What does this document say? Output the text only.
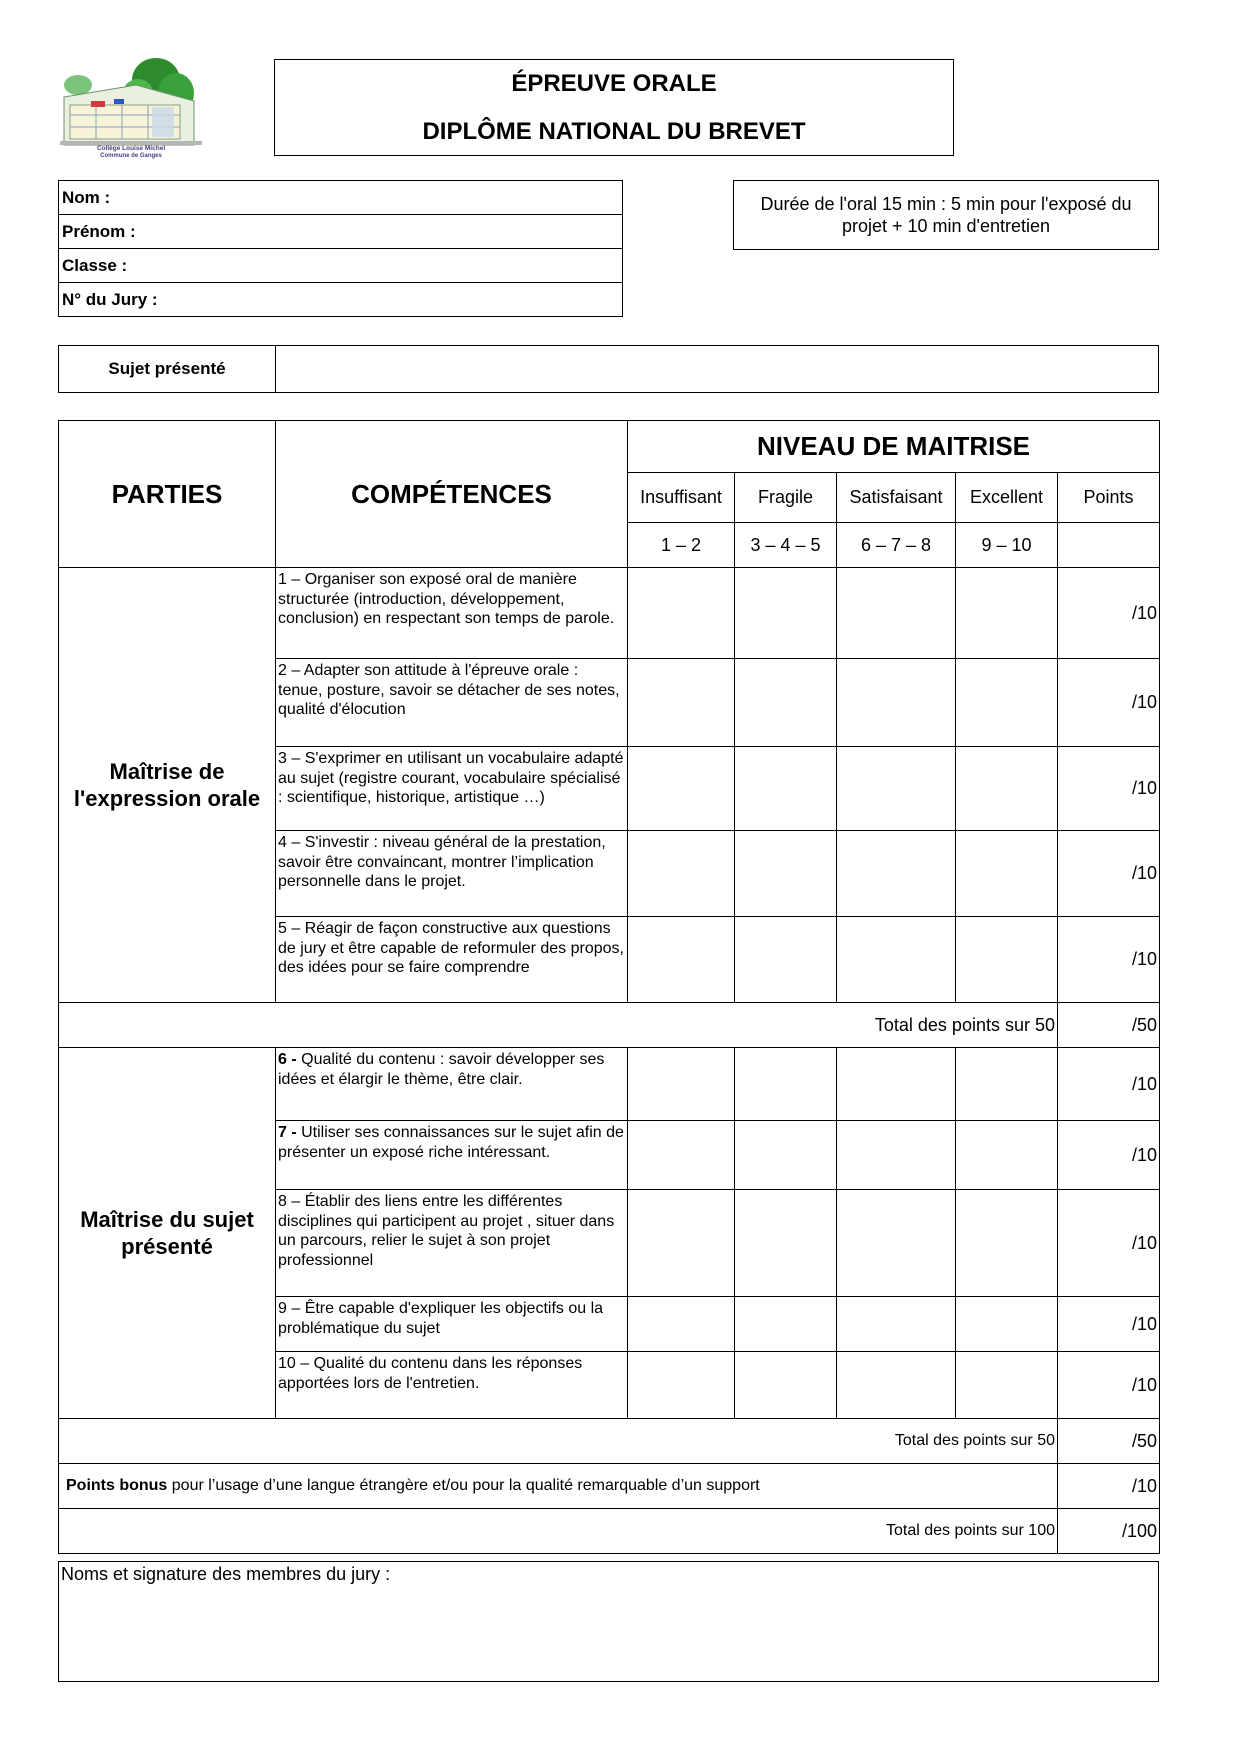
Collège Louise Michel
Commune de Ganges
ÉPREUVE ORALE
DIPLÔME NATIONAL DU BREVET
Nom :
Prénom :
Classe :
N° du Jury :
Durée de l'oral 15 min : 5 min pour l'exposé du projet + 10 min d'entretien
Sujet présenté	
PARTIES	COMPÉTENCES	NIVEAU DE MAITRISE				
		Insuffisant	Fragile	Satisfaisant	Excellent	Points
		1 – 2	3 – 4 – 5	6 – 7 – 8	9 – 10	
Maîtrise de l'expression orale	1 – Organiser son exposé oral de manière structurée (introduction, développement, conclusion) en respectant son temps de parole.					/10
	2 – Adapter son attitude à l'épreuve orale : tenue, posture, savoir se détacher de ses notes, qualité d'élocution					/10
	3 – S'exprimer en utilisant un vocabulaire adapté au sujet (registre courant, vocabulaire spécialisé : scientifique, historique, artistique …)					/10
	4 – S'investir : niveau général de la prestation, savoir être convaincant, montrer l’implication personnelle dans le projet.					/10
	5 – Réagir de façon constructive aux questions de jury et être capable de reformuler des propos, des idées pour se faire comprendre					/10
Total des points sur 50						/50
Maîtrise du sujet présenté	6 - Qualité du contenu : savoir développer ses idées et élargir le thème, être clair.					/10
	7 - Utiliser ses connaissances sur le sujet afin de présenter un exposé riche intéressant.					/10
	8 – Établir des liens entre les différentes disciplines qui participent au projet , situer dans un parcours, relier le sujet à son projet professionnel					/10
	9 – Être capable d'expliquer les objectifs ou la problématique du sujet					/10
	10 – Qualité du contenu dans les réponses apportées lors de l'entretien.					/10
Total des points sur 50						/50
Points bonus pour l’usage d’une langue étrangère et/ou pour la qualité remarquable d’un support						/10
Total des points sur 100						/100
Noms et signature des membres du jury :
